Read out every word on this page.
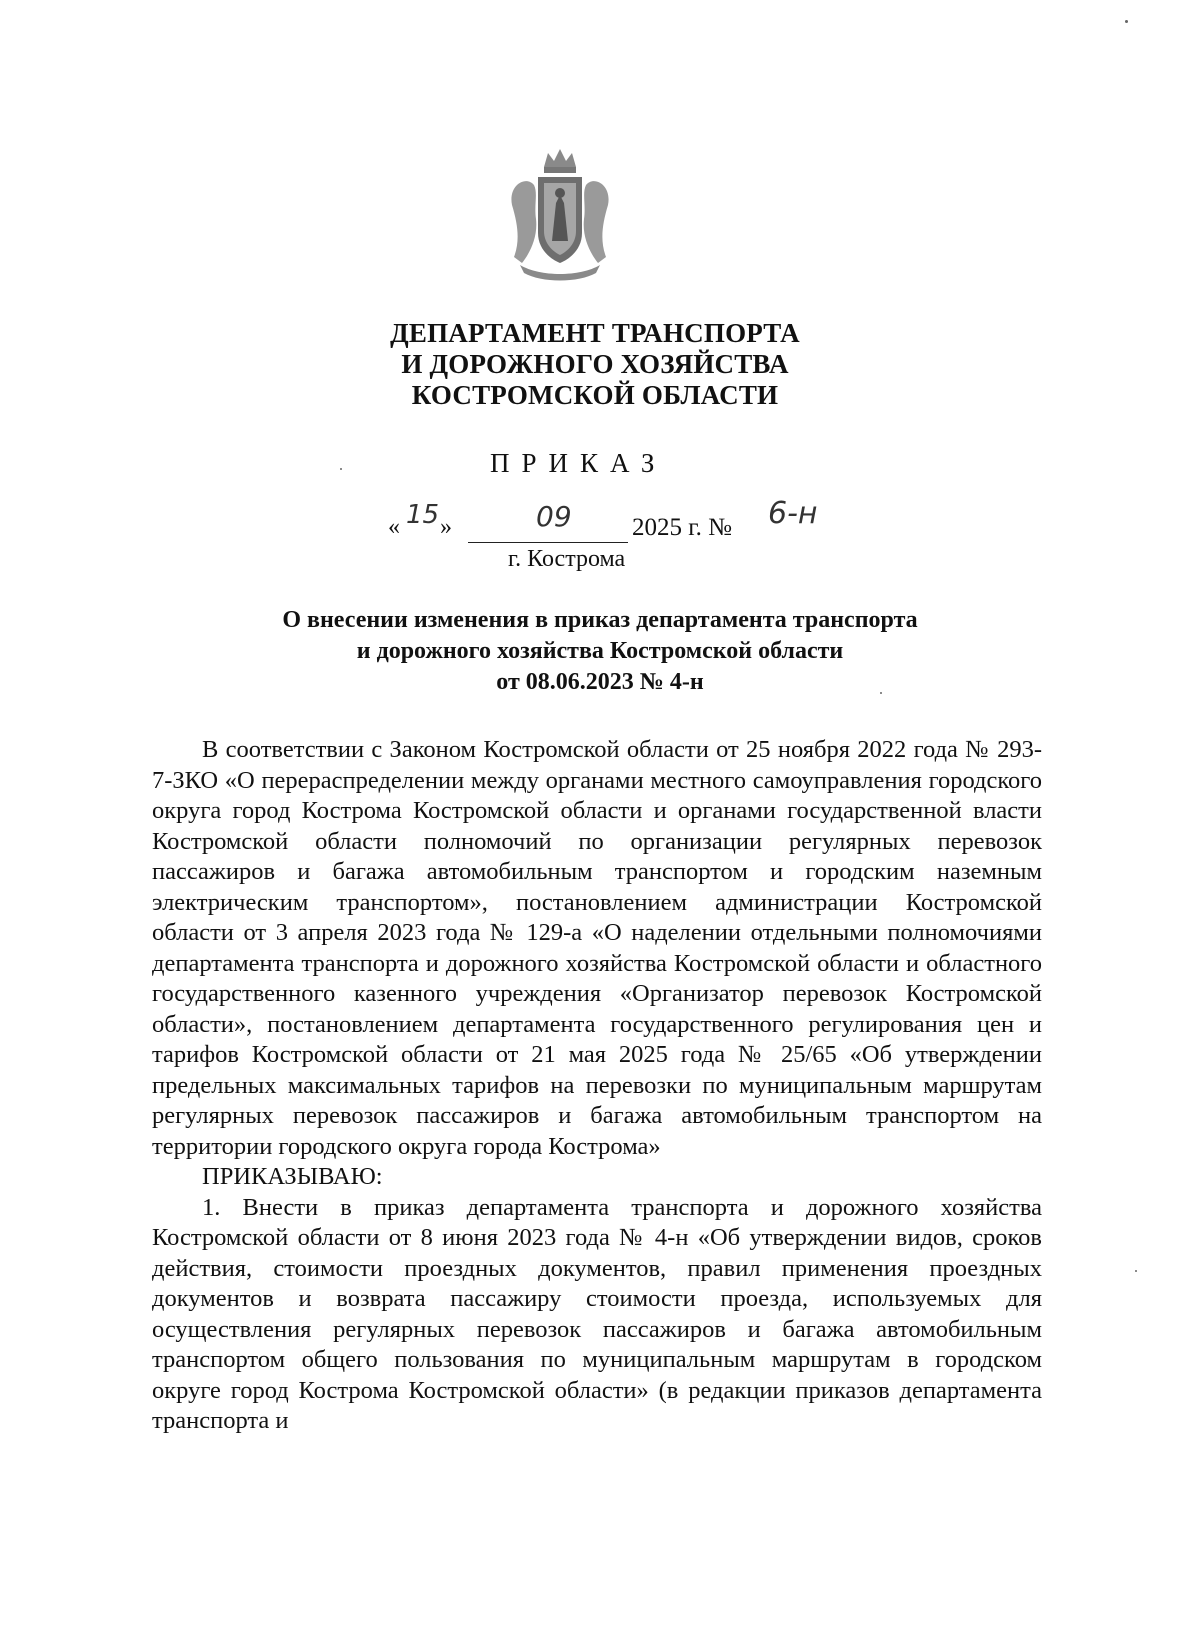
ДЕПАРТАМЕНТ ТРАНСПОРТА
И ДОРОЖНОГО ХОЗЯЙСТВА
КОСТРОМСКОЙ ОБЛАСТИ
ПРИКАЗ
« 15 »	09 2025 г. № 6-н
г. Кострома
О внесении изменения в приказ департамента транспорта
и дорожного хозяйства Костромской области
от 08.06.2023 № 4-н

В соответствии с Законом Костромской области от 25 ноября 2022 года № 293-7-ЗКО «О перераспределении между органами местного самоуправления городского округа город Кострома Костромской области и органами государственной власти Костромской области полномочий по организации регулярных перевозок пассажиров и багажа автомобильным транспортом и городским наземным электрическим транспортом», постановлением администрации Костромской области от 3 апреля 2023 года № 129-а «О наделении отдельными полномочиями департамента транспорта и дорожного хозяйства Костромской области и областного государственного казенного учреждения «Организатор перевозок Костромской области», постановлением департамента государственного регулирования цен и тарифов Костромской области от 21 мая 2025 года № 25/65 «Об утверждении предельных максимальных тарифов на перевозки по муниципальным маршрутам регулярных перевозок пассажиров и багажа автомобильным транспортом на территории городского округа города Кострома»

ПРИКАЗЫВАЮ:

1. Внести в приказ департамента транспорта и дорожного хозяйства Костромской области от 8 июня 2023 года № 4-н «Об утверждении видов, сроков действия, стоимости проездных документов, правил применения проездных документов и возврата пассажиру стоимости проезда, используемых для осуществления регулярных перевозок пассажиров и багажа автомобильным транспортом общего пользования по муниципальным маршрутам в городском округе город Кострома Костромской области» (в редакции приказов департамента транспорта и
